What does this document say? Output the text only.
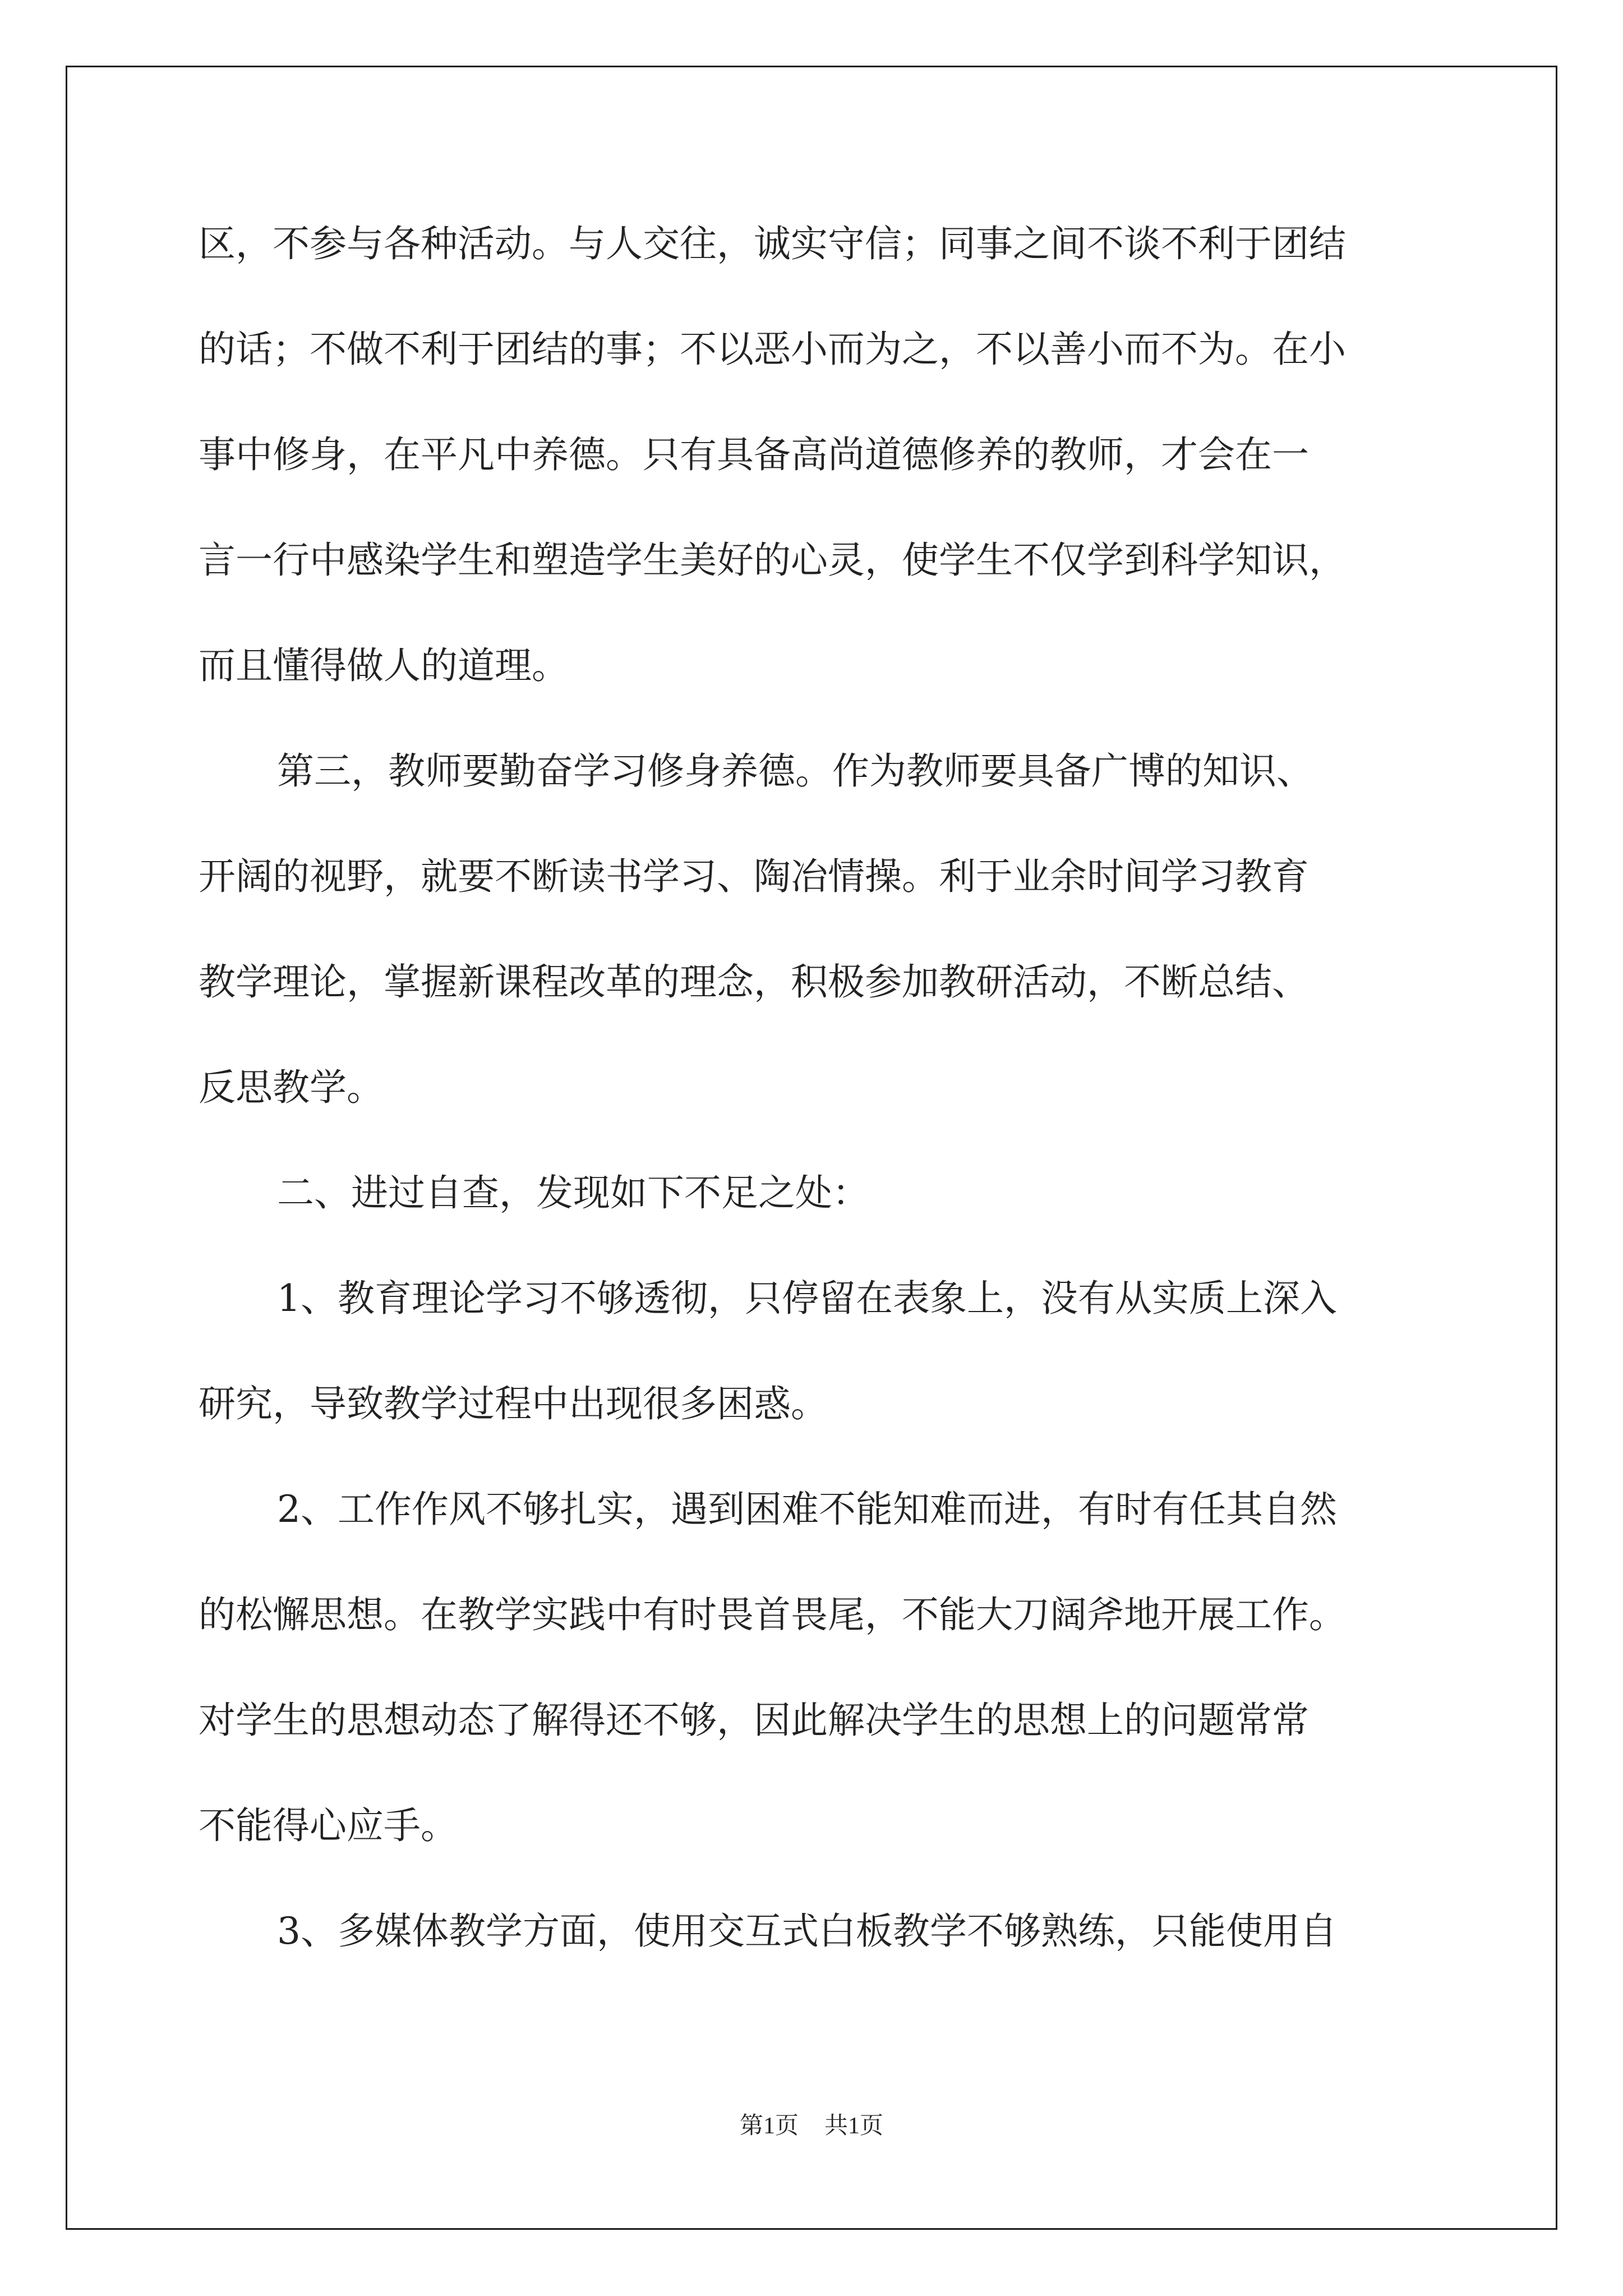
区，不参与各种活动。与人交往，诚实守信；同事之间不谈不利于团结
的话；不做不利于团结的事；不以恶小而为之，不以善小而不为。在小
事中修身，在平凡中养德。只有具备高尚道德修养的教师，才会在一
言一行中感染学生和塑造学生美好的心灵，使学生不仅学到科学知识，
而且懂得做人的道理。
第三，教师要勤奋学习修身养德。作为教师要具备广博的知识、
开阔的视野，就要不断读书学习、陶冶情操。利于业余时间学习教育
教学理论，掌握新课程改革的理念，积极参加教研活动，不断总结、
反思教学。
二、进过自查，发现如下不足之处：
1、教育理论学习不够透彻，只停留在表象上，没有从实质上深入
研究，导致教学过程中出现很多困惑。
2、工作作风不够扎实，遇到困难不能知难而进，有时有任其自然
的松懈思想。在教学实践中有时畏首畏尾，不能大刀阔斧地开展工作。
对学生的思想动态了解得还不够，因此解决学生的思想上的问题常常
不能得心应手。
3、多媒体教学方面，使用交互式白板教学不够熟练，只能使用自
第1页 共1页
